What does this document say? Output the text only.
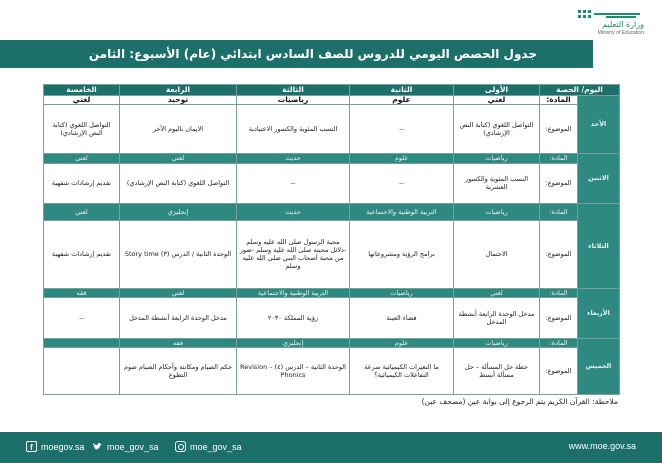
وزارة التعليم
Ministry of Education
جدول الحصص اليومي للدروس للصف السادس ابتدائي (عام) الأسبوع: الثامن
اليوم/ الحصة		الأولى	الثانية	الثالثة	الرابعة	الخامسة
الأحد	المادة:	لغتي	علوم	رياضيات	توحيد	لغتي
	الموضوع:	التواصل اللغوي (كتابة النص الإرشادي)	--	النسب المئوية والكسور الاعتيادية	الايمان باليوم الآخر	التواصل اللغوي (كتابة النص الإرشادي)
الاثنين	المادة:	رياضيات	علوم	حديث	لغتي	لغتي
	الموضوع:	النسب المئوية والكسور العشرية	--	--	التواصل اللغوي (كتابة النص الإرشادي)	تقديم إرشادات شفهية
الثلاثاء	المادة:	رياضيات	التربية الوطنية والاجتماعية	حديث	إنجليزي	لغتي
	الموضوع:	الاحتمال	برامج الرؤية ومشروعاتها	محبة الرسول صلى الله عليه وسلم -دلائل محبته صلى الله عليه وسلم -صور من محبة أصحاب النبي صلى الله عليه وسلم	الوحدة الثانية / الدرس (٣) Story time	تقديم إرشادات شفهية
الأربعاء	المادة:	لغتي	رياضيات	التربية الوطنية والاجتماعية	لغتي	فقه
	الموضوع:	مدخل الوحدة الرابعة أنشطة المدخل	فضاء العينة	رؤية المملكة ٢٠٣٠	مدخل الوحدة الرابعة أنشطة المدخل	--
الخميس	المادة:	رياضيات	علوم	إنجليزي	فقه	
	الموضوع:	خطة حل المسألة – حل مسألة أبسط	ما التغيرات الكيميائية سرعة التفاعلات الكيميائية؟	الوحدة الثانية – الدرس (٤) Revision – Phonics	حكم الصيام ومكانته وأحكام الصيام صوم التطوع	
ملاحظة: القرآن الكريم يتم الرجوع إلى بوابة عين (مصحف عين)
f moegov.sa	moe_gov_sa	moe_gov_sa	www.moe.gov.sa
